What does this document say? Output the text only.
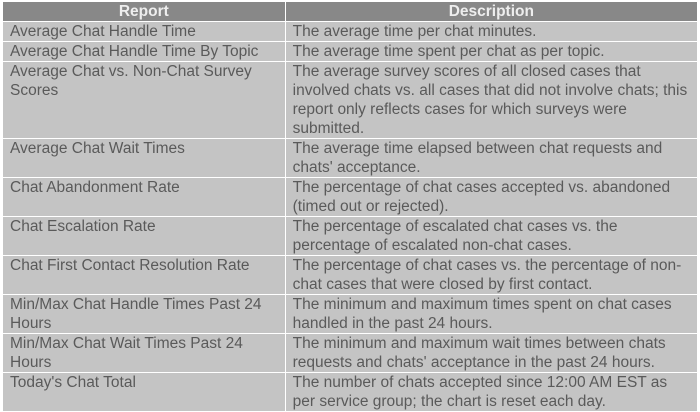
Report	Description
Average Chat Handle Time	The average time per chat minutes.
Average Chat Handle Time By Topic	The average time spent per chat as per topic.
Average Chat vs. Non-Chat Survey Scores	The average survey scores of all closed cases that involved chats vs. all cases that did not involve chats; this report only reflects cases for which surveys were submitted.
Average Chat Wait Times	The average time elapsed between chat requests and chats' acceptance.
Chat Abandonment Rate	The percentage of chat cases accepted vs. abandoned (timed out or rejected).
Chat Escalation Rate	The percentage of escalated chat cases vs. the percentage of escalated non-chat cases.
Chat First Contact Resolution Rate	The percentage of chat cases vs. the percentage of non-chat cases that were closed by first contact.
Min/Max Chat Handle Times Past 24 Hours	The minimum and maximum times spent on chat cases handled in the past 24 hours.
Min/Max Chat Wait Times Past 24 Hours	The minimum and maximum wait times between chats requests and chats' acceptance in the past 24 hours.
Today's Chat Total	The number of chats accepted since 12:00 AM EST as per service group; the chart is reset each day.
